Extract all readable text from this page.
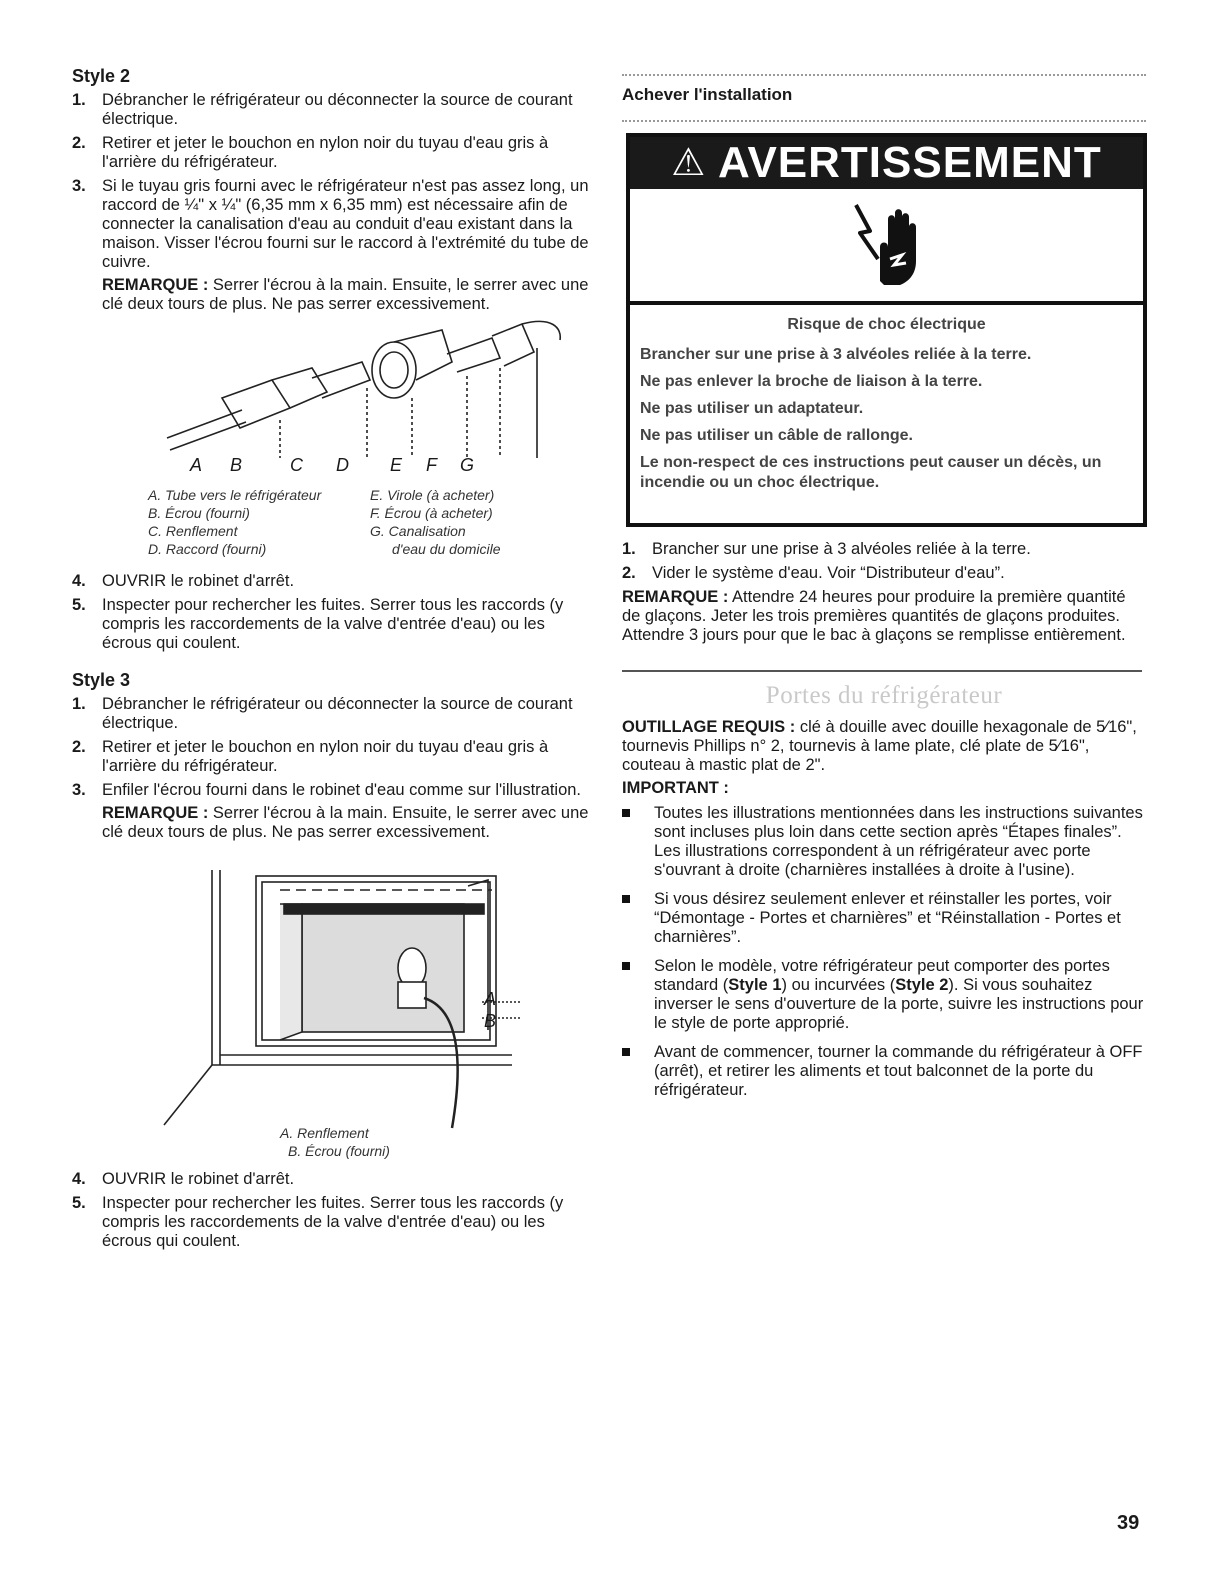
Style 2
1. Débrancher le réfrigérateur ou déconnecter la source de courant électrique.
2. Retirer et jeter le bouchon en nylon noir du tuyau d'eau gris à l'arrière du réfrigérateur.
3. Si le tuyau gris fourni avec le réfrigérateur n'est pas assez long, un raccord de ¼" x ¼" (6,35 mm x 6,35 mm) est nécessaire afin de connecter la canalisation d'eau au conduit d'eau existant dans la maison. Visser l'écrou fourni sur le raccord à l'extrémité du tube de cuivre.
REMARQUE : Serrer l'écrou à la main. Ensuite, le serrer avec une clé deux tours de plus. Ne pas serrer excessivement.
A B	C D E F G
A. Tube vers le réfrigérateur
B. Écrou (fourni)
C. Renflement
D. Raccord (fourni)
E. Virole (à acheter)
F. Écrou (à acheter)
G. Canalisation
d'eau du domicile
4. OUVRIR le robinet d'arrêt.
5. Inspecter pour rechercher les fuites. Serrer tous les raccords (y compris les raccordements de la valve d'entrée d'eau) ou les écrous qui coulent.
Style 3
1. Débrancher le réfrigérateur ou déconnecter la source de courant électrique.
2. Retirer et jeter le bouchon en nylon noir du tuyau d'eau gris à l'arrière du réfrigérateur.
3. Enfiler l'écrou fourni dans le robinet d'eau comme sur l'illustration.
REMARQUE : Serrer l'écrou à la main. Ensuite, le serrer avec une clé deux tours de plus. Ne pas serrer excessivement.
A
B
A. Renflement
B. Écrou (fourni)
4. OUVRIR le robinet d'arrêt.
5. Inspecter pour rechercher les fuites. Serrer tous les raccords (y compris les raccordements de la valve d'entrée d'eau) ou les écrous qui coulent.
Achever l'installation
⚠ AVERTISSEMENT

Risque de choc électrique

Brancher sur une prise à 3 alvéoles reliée à la terre.

Ne pas enlever la broche de liaison à la terre.

Ne pas utiliser un adaptateur.

Ne pas utiliser un câble de rallonge.

Le non-respect de ces instructions peut causer un décès, un incendie ou un choc électrique.

1. Brancher sur une prise à 3 alvéoles reliée à la terre.
2. Vider le système d'eau. Voir “Distributeur d'eau”.
REMARQUE : Attendre 24 heures pour produire la première quantité de glaçons. Jeter les trois premières quantités de glaçons produites. Attendre 3 jours pour que le bac à glaçons se remplisse entièrement.
Portes du réfrigérateur
OUTILLAGE REQUIS : clé à douille avec douille hexagonale de 5⁄16", tournevis Phillips n° 2, tournevis à lame plate, clé plate de 5⁄16", couteau à mastic plat de 2".
IMPORTANT :
Toutes les illustrations mentionnées dans les instructions suivantes sont incluses plus loin dans cette section après “Étapes finales”. Les illustrations correspondent à un réfrigérateur avec porte s'ouvrant à droite (charnières installées à droite à l'usine).
Si vous désirez seulement enlever et réinstaller les portes, voir “Démontage - Portes et charnières” et “Réinstallation - Portes et charnières”.
Selon le modèle, votre réfrigérateur peut comporter des portes standard (Style 1) ou incurvées (Style 2). Si vous souhaitez inverser le sens d'ouverture de la porte, suivre les instructions pour le style de porte approprié.
Avant de commencer, tourner la commande du réfrigérateur à OFF (arrêt), et retirer les aliments et tout balconnet de la porte du réfrigérateur.
39
